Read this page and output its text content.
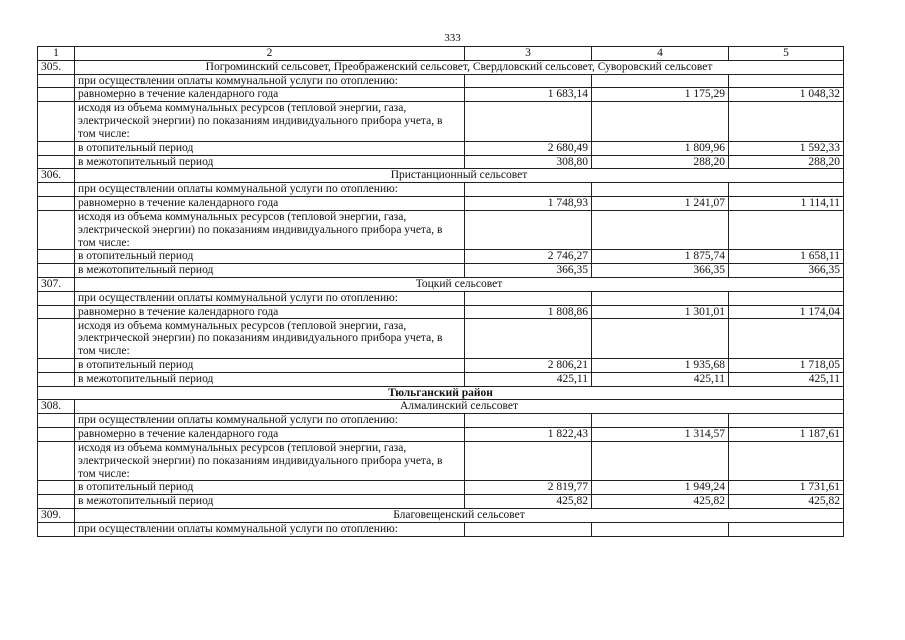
333
1	2	3	4	5
305.	Погроминский сельсовет, Преображенский сельсовет, Свердловский сельсовет, Суворовский сельсовет			
	при осуществлении оплаты коммунальной услуги по отоплению:			
	равномерно в течение календарного года	1 683,14	1 175,29	1 048,32
	исходя из объема коммунальных ресурсов (тепловой энергии, газа, электрической энергии) по показаниям индивидуального прибора учета, в том числе:			
	в отопительный период	2 680,49	1 809,96	1 592,33
	в межотопительный период	308,80	288,20	288,20
306.	Пристанционный сельсовет			
	при осуществлении оплаты коммунальной услуги по отоплению:			
	равномерно в течение календарного года	1 748,93	1 241,07	1 114,11
	исходя из объема коммунальных ресурсов (тепловой энергии, газа, электрической энергии) по показаниям индивидуального прибора учета, в том числе:			
	в отопительный период	2 746,27	1 875,74	1 658,11
	в межотопительный период	366,35	366,35	366,35
307.	Тоцкий сельсовет			
	при осуществлении оплаты коммунальной услуги по отоплению:			
	равномерно в течение календарного года	1 808,86	1 301,01	1 174,04
	исходя из объема коммунальных ресурсов (тепловой энергии, газа, электрической энергии) по показаниям индивидуального прибора учета, в том числе:			
	в отопительный период	2 806,21	1 935,68	1 718,05
	в межотопительный период	425,11	425,11	425,11
Тюльганский район				
308.	Алмалинский сельсовет			
	при осуществлении оплаты коммунальной услуги по отоплению:			
	равномерно в течение календарного года	1 822,43	1 314,57	1 187,61
	исходя из объема коммунальных ресурсов (тепловой энергии, газа, электрической энергии) по показаниям индивидуального прибора учета, в том числе:			
	в отопительный период	2 819,77	1 949,24	1 731,61
	в межотопительный период	425,82	425,82	425,82
309.	Благовещенский сельсовет			
	при осуществлении оплаты коммунальной услуги по отоплению:			
